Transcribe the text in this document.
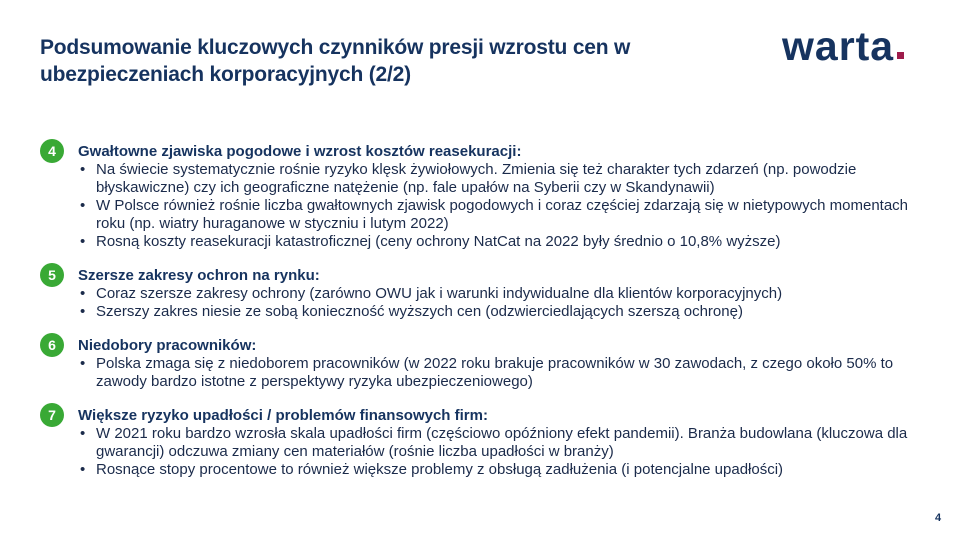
Podsumowanie kluczowych czynników presji wzrostu cen w ubezpieczeniach korporacyjnych (2/2)
warta
4	Gwałtowne zjawiska pogodowe i wzrost kosztów reasekuracji:
• Na świecie systematycznie rośnie ryzyko klęsk żywiołowych. Zmienia się też charakter tych zdarzeń (np. powodzie błyskawiczne) czy ich geograficzne natężenie (np. fale upałów na Syberii czy w Skandynawii)
• W Polsce również rośnie liczba gwałtownych zjawisk pogodowych i coraz częściej zdarzają się w nietypowych momentach roku (np. wiatry huraganowe w styczniu i lutym 2022)
• Rosną koszty reasekuracji katastroficznej (ceny ochrony NatCat na 2022 były średnio o 10,8% wyższe)
5	Szersze zakresy ochron na rynku:
• Coraz szersze zakresy ochrony (zarówno OWU jak i warunki indywidualne dla klientów korporacyjnych)
• Szerszy zakres niesie ze sobą konieczność wyższych cen (odzwierciedlających szerszą ochronę)
6	Niedobory pracowników:
• Polska zmaga się z niedoborem pracowników (w 2022 roku brakuje pracowników w 30 zawodach, z czego około 50% to zawody bardzo istotne z perspektywy ryzyka ubezpieczeniowego)
7	Większe ryzyko upadłości / problemów finansowych firm:
• W 2021 roku bardzo wzrosła skala upadłości firm (częściowo opóźniony efekt pandemii). Branża budowlana (kluczowa dla gwarancji) odczuwa zmiany cen materiałów (rośnie liczba upadłości w branży)
• Rosnące stopy procentowe to również większe problemy z obsługą zadłużenia (i potencjalne upadłości)
4
